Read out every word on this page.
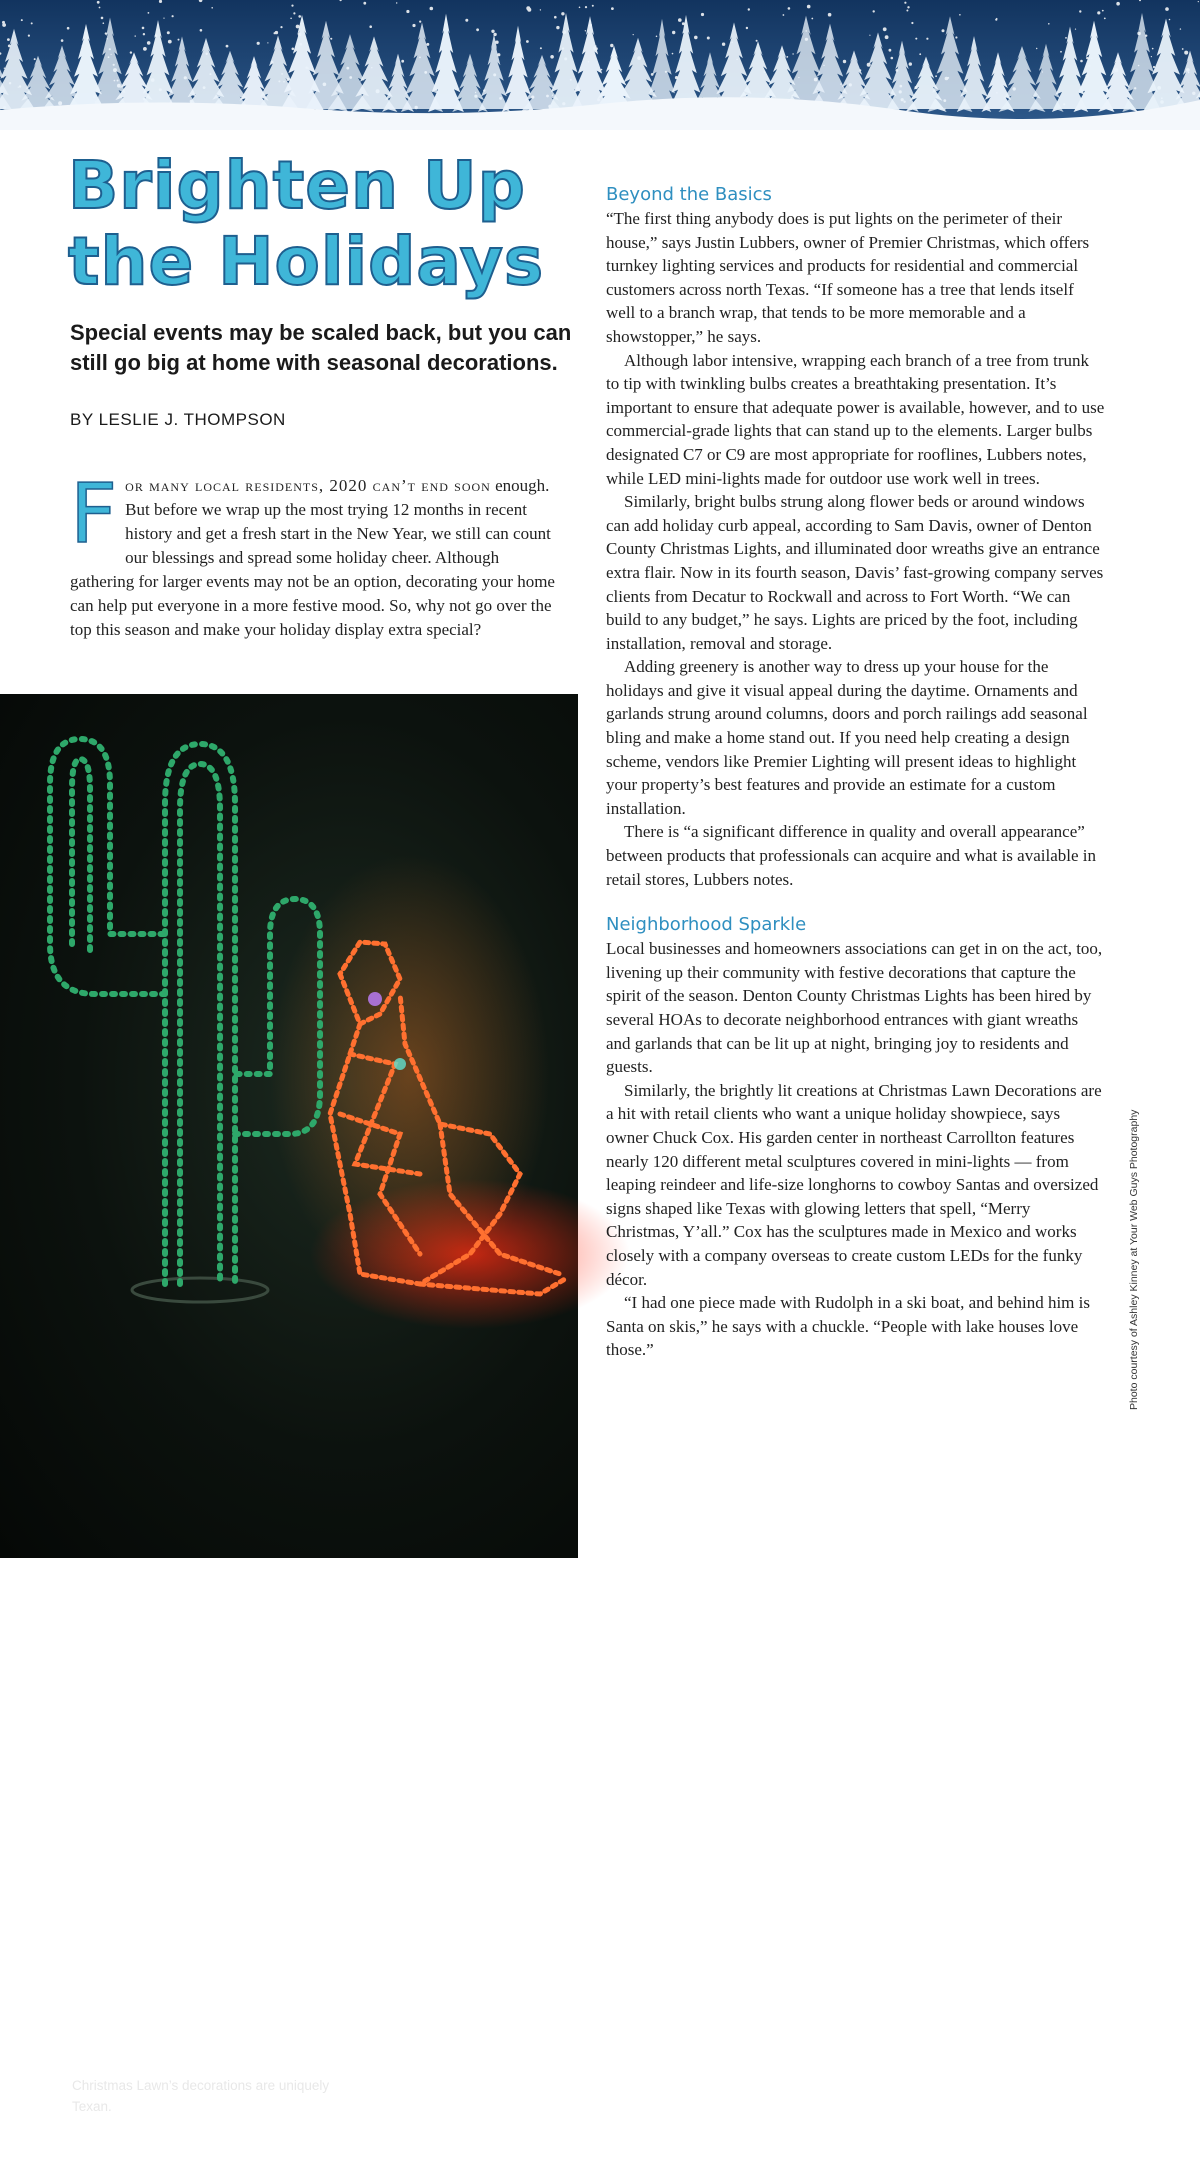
Brighten Up
the Holidays

Special events may be scaled back, but you can still go big at home with seasonal decorations.

BY LESLIE J. THOMPSON

For many local residents, 2020 can’t end soon enough. But before we wrap up the most trying 12 months in recent history and get a fresh start in the New Year, we still can count our blessings and spread some holiday cheer. Although gathering for larger events may not be an option, decorating your home can help put everyone in a more festive mood. So, why not go over the top this season and make your holiday display extra special?

Christmas Lawn’s decorations are uniquely Texan.

46 DENTON COUNTY NOVEMBER/DECEMBER 2020
Beyond the Basics

“The first thing anybody does is put lights on the perimeter of their house,” says Justin Lubbers, owner of Premier Christmas, which offers turnkey lighting services and products for residential and commercial customers across north Texas. “If someone has a tree that lends itself well to a branch wrap, that tends to be more memorable and a showstopper,” he says.

Although labor intensive, wrapping each branch of a tree from trunk to tip with twinkling bulbs creates a breathtaking presentation. It’s important to ensure that adequate power is available, however, and to use commercial-grade lights that can stand up to the elements. Larger bulbs designated C7 or C9 are most appropriate for rooflines, Lubbers notes, while LED mini-lights made for outdoor use work well in trees.

Similarly, bright bulbs strung along flower beds or around windows can add holiday curb appeal, according to Sam Davis, owner of Denton County Christmas Lights, and illuminated door wreaths give an entrance extra flair. Now in its fourth season, Davis’ fast-growing company serves clients from Decatur to Rockwall and across to Fort Worth. “We can build to any budget,” he says. Lights are priced by the foot, including installation, removal and storage.

Adding greenery is another way to dress up your house for the holidays and give it visual appeal during the daytime. Ornaments and garlands strung around columns, doors and porch railings add seasonal bling and make a home stand out. If you need help creating a design scheme, vendors like Premier Lighting will present ideas to highlight your property’s best features and provide an estimate for a custom installation.

There is “a significant difference in quality and overall appearance” between products that professionals can acquire and what is available in retail stores, Lubbers notes.

Neighborhood Sparkle

Local businesses and homeowners associations can get in on the act, too, livening up their community with festive decorations that capture the spirit of the season. Denton County Christmas Lights has been hired by several HOAs to decorate neighborhood entrances with giant wreaths and garlands that can be lit up at night, bringing joy to residents and guests.

Similarly, the brightly lit creations at Christmas Lawn Decorations are a hit with retail clients who want a unique holiday showpiece, says owner Chuck Cox. His garden center in northeast Carrollton features nearly 120 different metal sculptures covered in mini-lights — from leaping reindeer and life-size longhorns to cowboy Santas and oversized signs shaped like Texas with glowing letters that spell, “Merry Christmas, Y’all.” Cox has the sculptures made in Mexico and works closely with a company overseas to create custom LEDs for the funky décor.

“I had one piece made with Rudolph in a ski boat, and behind him is Santa on skis,” he says with a chuckle. “People with lake houses love those.”	Photo courtesy of Ashley Kinney at Your Web Guys Photography
